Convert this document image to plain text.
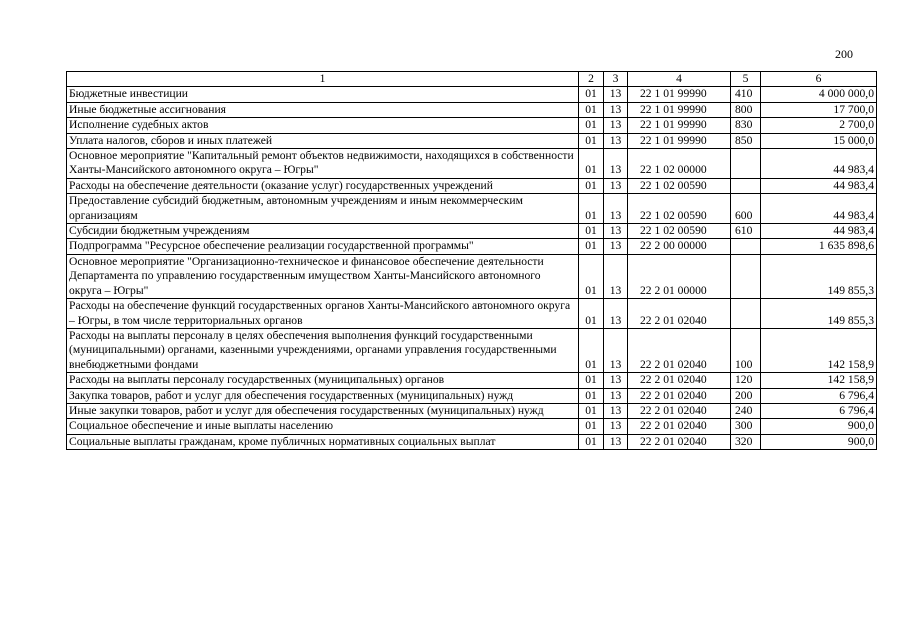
200
1	2	3	4	5	6
Бюджетные инвестиции	01	13	22 1 01 99990	410	4 000 000,0
Иные бюджетные ассигнования	01	13	22 1 01 99990	800	17 700,0
Исполнение судебных актов	01	13	22 1 01 99990	830	2 700,0
Уплата налогов, сборов и иных платежей	01	13	22 1 01 99990	850	15 000,0
Основное мероприятие "Капитальный ремонт объектов недвижимости, находящихся в собственности Ханты-Мансийского автономного округа – Югры"	01	13	22 1 02 00000		44 983,4
Расходы на обеспечение деятельности (оказание услуг) государственных учреждений	01	13	22 1 02 00590		44 983,4
Предоставление субсидий бюджетным, автономным учреждениям и иным некоммерческим организациям	01	13	22 1 02 00590	600	44 983,4
Субсидии бюджетным учреждениям	01	13	22 1 02 00590	610	44 983,4
Подпрограмма "Ресурсное обеспечение реализации государственной программы"	01	13	22 2 00 00000		1 635 898,6
Основное мероприятие "Организационно-техническое и финансовое обеспечение деятельности Департамента по управлению государственным имуществом Ханты-Мансийского автономного округа – Югры"	01	13	22 2 01 00000		149 855,3
Расходы на обеспечение функций государственных органов Ханты-Мансийского автономного округа – Югры, в том числе территориальных органов	01	13	22 2 01 02040		149 855,3
Расходы на выплаты персоналу в целях обеспечения выполнения функций государственными (муниципальными) органами, казенными учреждениями, органами управления государственными внебюджетными фондами	01	13	22 2 01 02040	100	142 158,9
Расходы на выплаты персоналу государственных (муниципальных) органов	01	13	22 2 01 02040	120	142 158,9
Закупка товаров, работ и услуг для обеспечения государственных (муниципальных) нужд	01	13	22 2 01 02040	200	6 796,4
Иные закупки товаров, работ и услуг для обеспечения государственных (муниципальных) нужд	01	13	22 2 01 02040	240	6 796,4
Социальное обеспечение и иные выплаты населению	01	13	22 2 01 02040	300	900,0
Социальные выплаты гражданам, кроме публичных нормативных социальных выплат	01	13	22 2 01 02040	320	900,0
